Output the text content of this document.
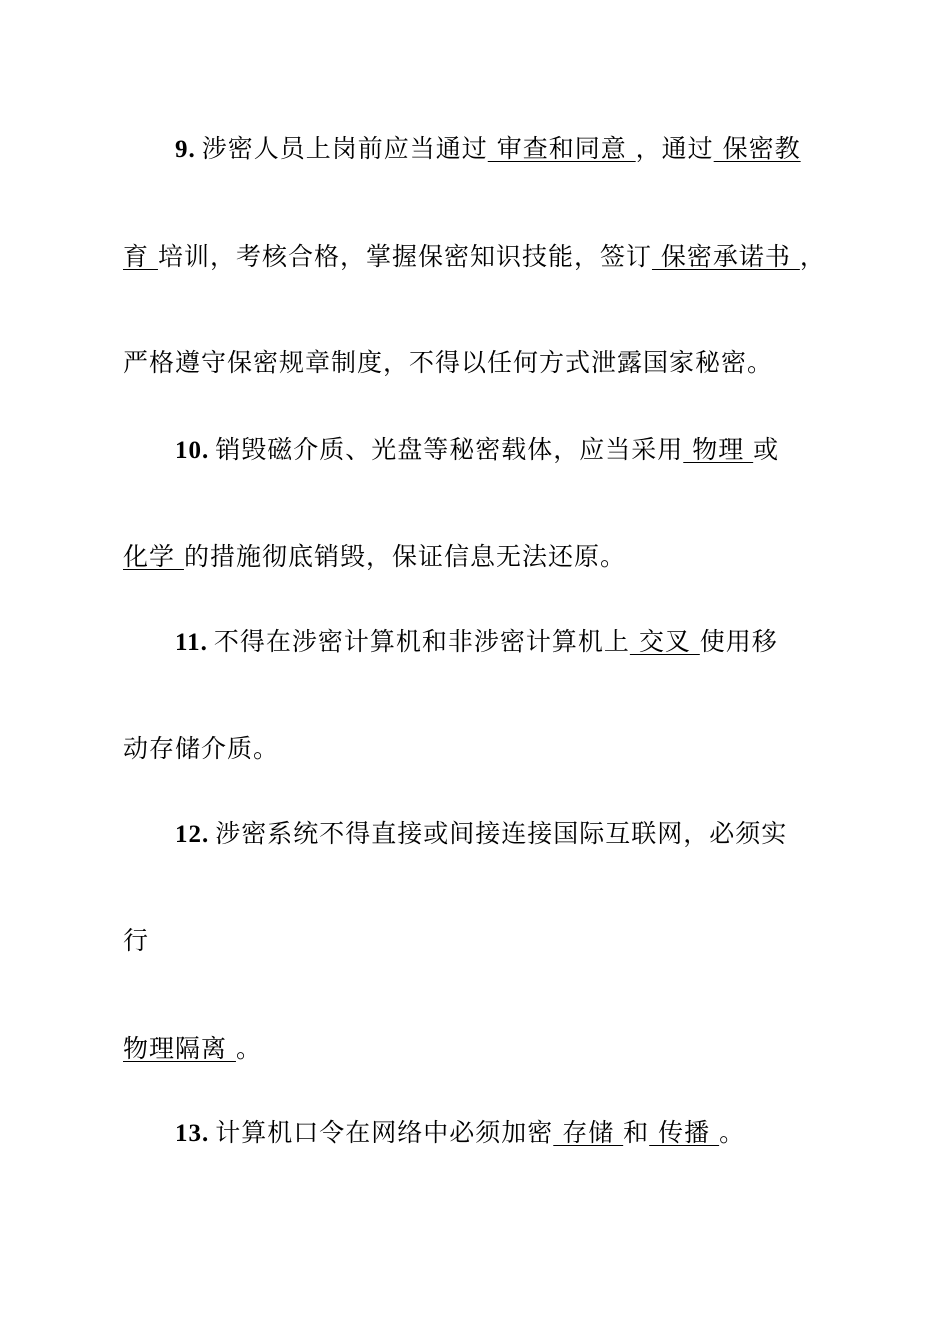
9. 涉密人员上岗前应当通过 审查和同意 ，通过 保密教
育 培训，考核合格，掌握保密知识技能，签订 保密承诺书 ，
严格遵守保密规章制度，不得以任何方式泄露国家秘密。
10. 销毁磁介质、光盘等秘密载体，应当采用 物理 或
化学 的措施彻底销毁，保证信息无法还原。
11. 不得在涉密计算机和非涉密计算机上 交叉 使用移
动存储介质。
12. 涉密系统不得直接或间接连接国际互联网，必须实
行
物理隔离 。
13. 计算机口令在网络中必须加密 存储 和 传播 。
